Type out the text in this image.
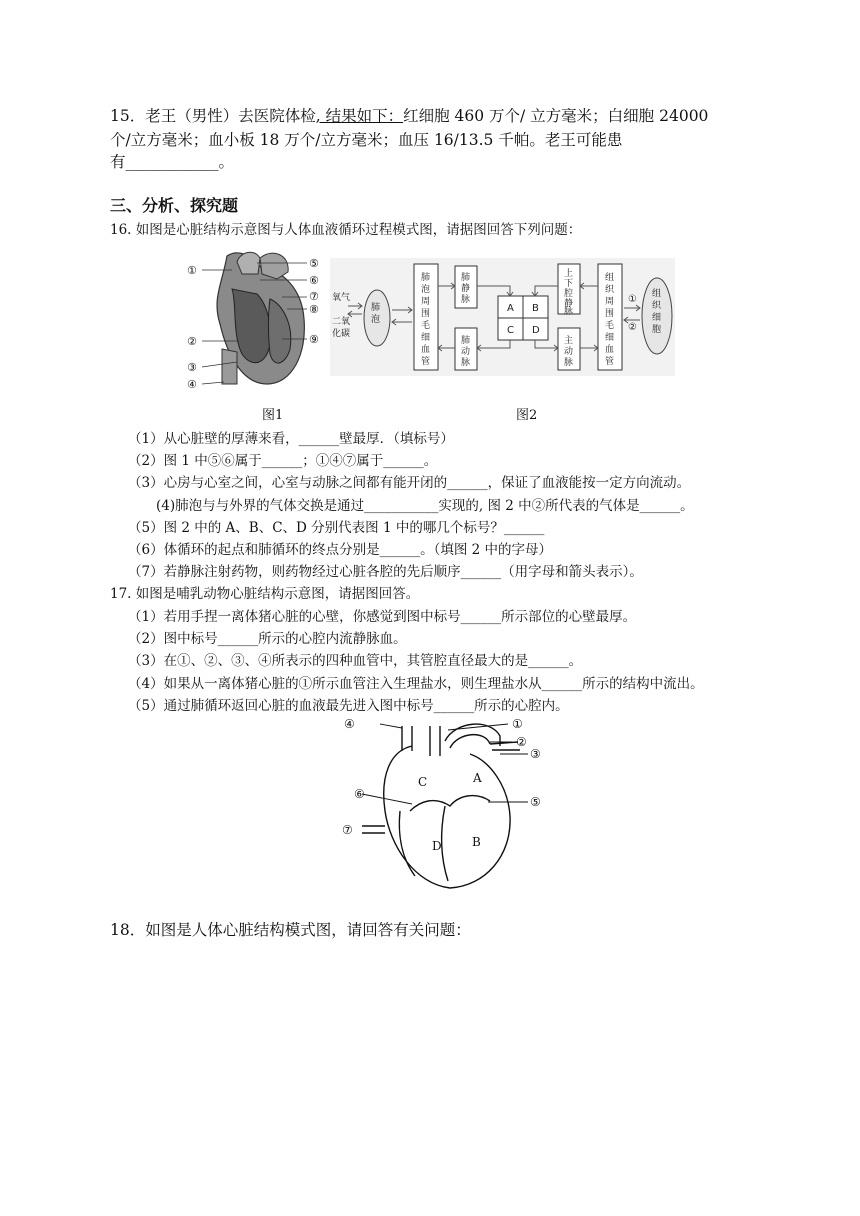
15．老王（男性）去医院体检, 结果如下：红细胞 460 万个/ 立方毫米；白细胞 24000
个/立方毫米；血小板 18 万个/立方毫米；血压 16/13.5 千帕。老王可能患
有____________。
三、分析、探究题
16. 如图是心脏结构示意图与人体血液循环过程模式图，请据图回答下列问题：
①
②
③
④
⑤
⑥
⑦
⑧
⑨
氧气
二氧
化碳
肺
泡
肺
泡
周
围
毛
细
血
管
肺
静
脉
肺
动
脉
A B
C D
上
下
腔
静
脉
主
动
脉
组
织
周
围
毛
细
血
管
①
②
组
织
细
胞
图1	图2
（1）从心脏壁的厚薄来看，______壁最厚．（填标号）
（2）图 1 中⑤⑥属于______；①④⑦属于______。
（3）心房与心室之间，心室与动脉之间都有能开闭的______，保证了血液能按一定方向流动。
(4)肺泡与与外界的气体交换是通过___________实现的, 图 2 中②所代表的气体是______。
（5）图 2 中的 A、B、C、D 分别代表图 1 中的哪几个标号？______
（6）体循环的起点和肺循环的终点分别是______。（填图 2 中的字母）
（7）若静脉注射药物，则药物经过心脏各腔的先后顺序______（用字母和箭头表示）。
17. 如图是哺乳动物心脏结构示意图，请据图回答。
（1）若用手捏一离体猪心脏的心壁，你感觉到图中标号______所示部位的心壁最厚。
（2）图中标号______所示的心腔内流静脉血。
（3）在①、②、③、④所表示的四种血管中，其管腔直径最大的是______。
（4）如果从一离体猪心脏的①所示血管注入生理盐水，则生理盐水从______所示的结构中流出。
（5）通过肺循环返回心脏的血液最先进入图中标号______所示的心腔内。
①
②
③
④
⑤
⑥
⑦
A
B
C
D
18．如图是人体心脏结构模式图，请回答有关问题：
